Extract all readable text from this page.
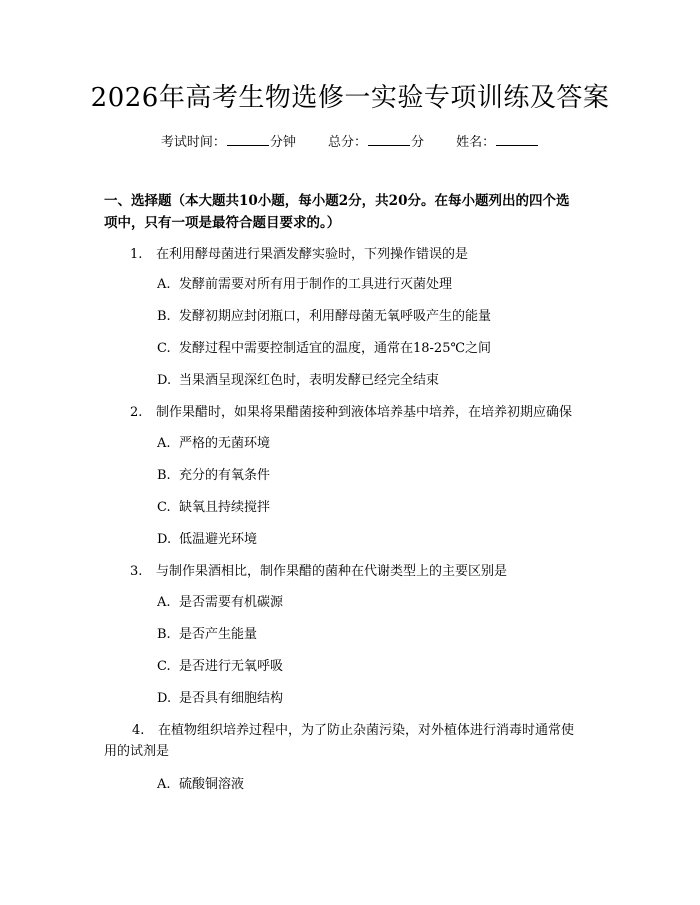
2026年高考生物选修一实验专项训练及答案
考试时间：	分钟 总分：	分 姓名：
一、选择题（本大题共10小题，每小题2分，共20分。在每小题列出的四个选
项中，只有一项是最符合题目要求的。）
1. 在利用酵母菌进行果酒发酵实验时，下列操作错误的是
A. 发酵前需要对所有用于制作的工具进行灭菌处理
B. 发酵初期应封闭瓶口，利用酵母菌无氧呼吸产生的能量
C. 发酵过程中需要控制适宜的温度，通常在18-25℃之间
D. 当果酒呈现深红色时，表明发酵已经完全结束
2. 制作果醋时，如果将果醋菌接种到液体培养基中培养，在培养初期应确保
A. 严格的无菌环境
B. 充分的有氧条件
C. 缺氧且持续搅拌
D. 低温避光环境
3. 与制作果酒相比，制作果醋的菌种在代谢类型上的主要区别是
A. 是否需要有机碳源
B. 是否产生能量
C. 是否进行无氧呼吸
D. 是否具有细胞结构
4. 在植物组织培养过程中，为了防止杂菌污染，对外植体进行消毒时通常使
用的试剂是
A. 硫酸铜溶液
